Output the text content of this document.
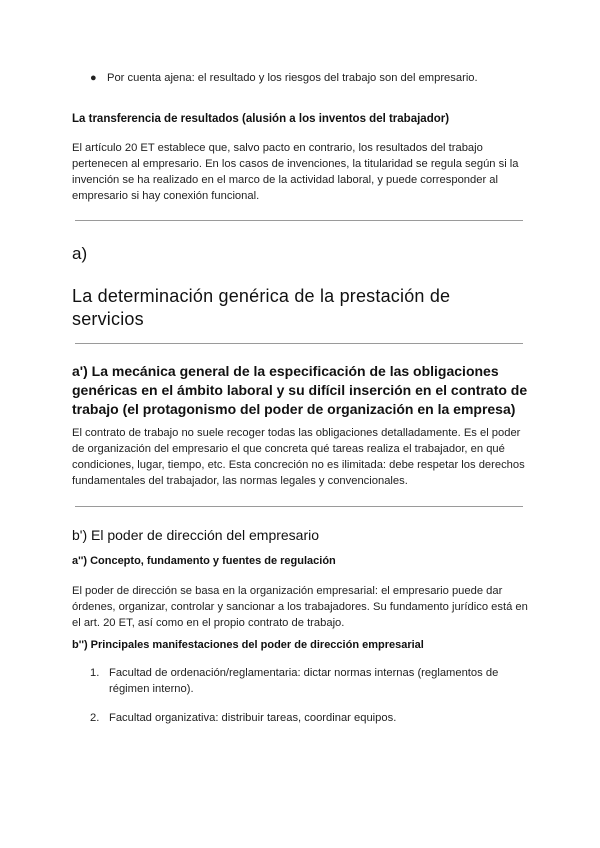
● Por cuenta ajena: el resultado y los riesgos del trabajo son del empresario.
La transferencia de resultados (alusión a los inventos del trabajador)
El artículo 20 ET establece que, salvo pacto en contrario, los resultados del trabajo
pertenecen al empresario. En los casos de invenciones, la titularidad se regula según si la
invención se ha realizado en el marco de la actividad laboral, y puede corresponder al
empresario si hay conexión funcional.
a)
La determinación genérica de la prestación de
servicios
a') La mecánica general de la especificación de las obligaciones
genéricas en el ámbito laboral y su difícil inserción en el contrato de
trabajo (el protagonismo del poder de organización en la empresa)
El contrato de trabajo no suele recoger todas las obligaciones detalladamente. Es el poder
de organización del empresario el que concreta qué tareas realiza el trabajador, en qué
condiciones, lugar, tiempo, etc. Esta concreción no es ilimitada: debe respetar los derechos
fundamentales del trabajador, las normas legales y convencionales.
b') El poder de dirección del empresario
a'') Concepto, fundamento y fuentes de regulación
El poder de dirección se basa en la organización empresarial: el empresario puede dar
órdenes, organizar, controlar y sancionar a los trabajadores. Su fundamento jurídico está en
el art. 20 ET, así como en el propio contrato de trabajo.
b'') Principales manifestaciones del poder de dirección empresarial
1. Facultad de ordenación/reglamentaria: dictar normas internas (reglamentos de
régimen interno).
2. Facultad organizativa: distribuir tareas, coordinar equipos.
